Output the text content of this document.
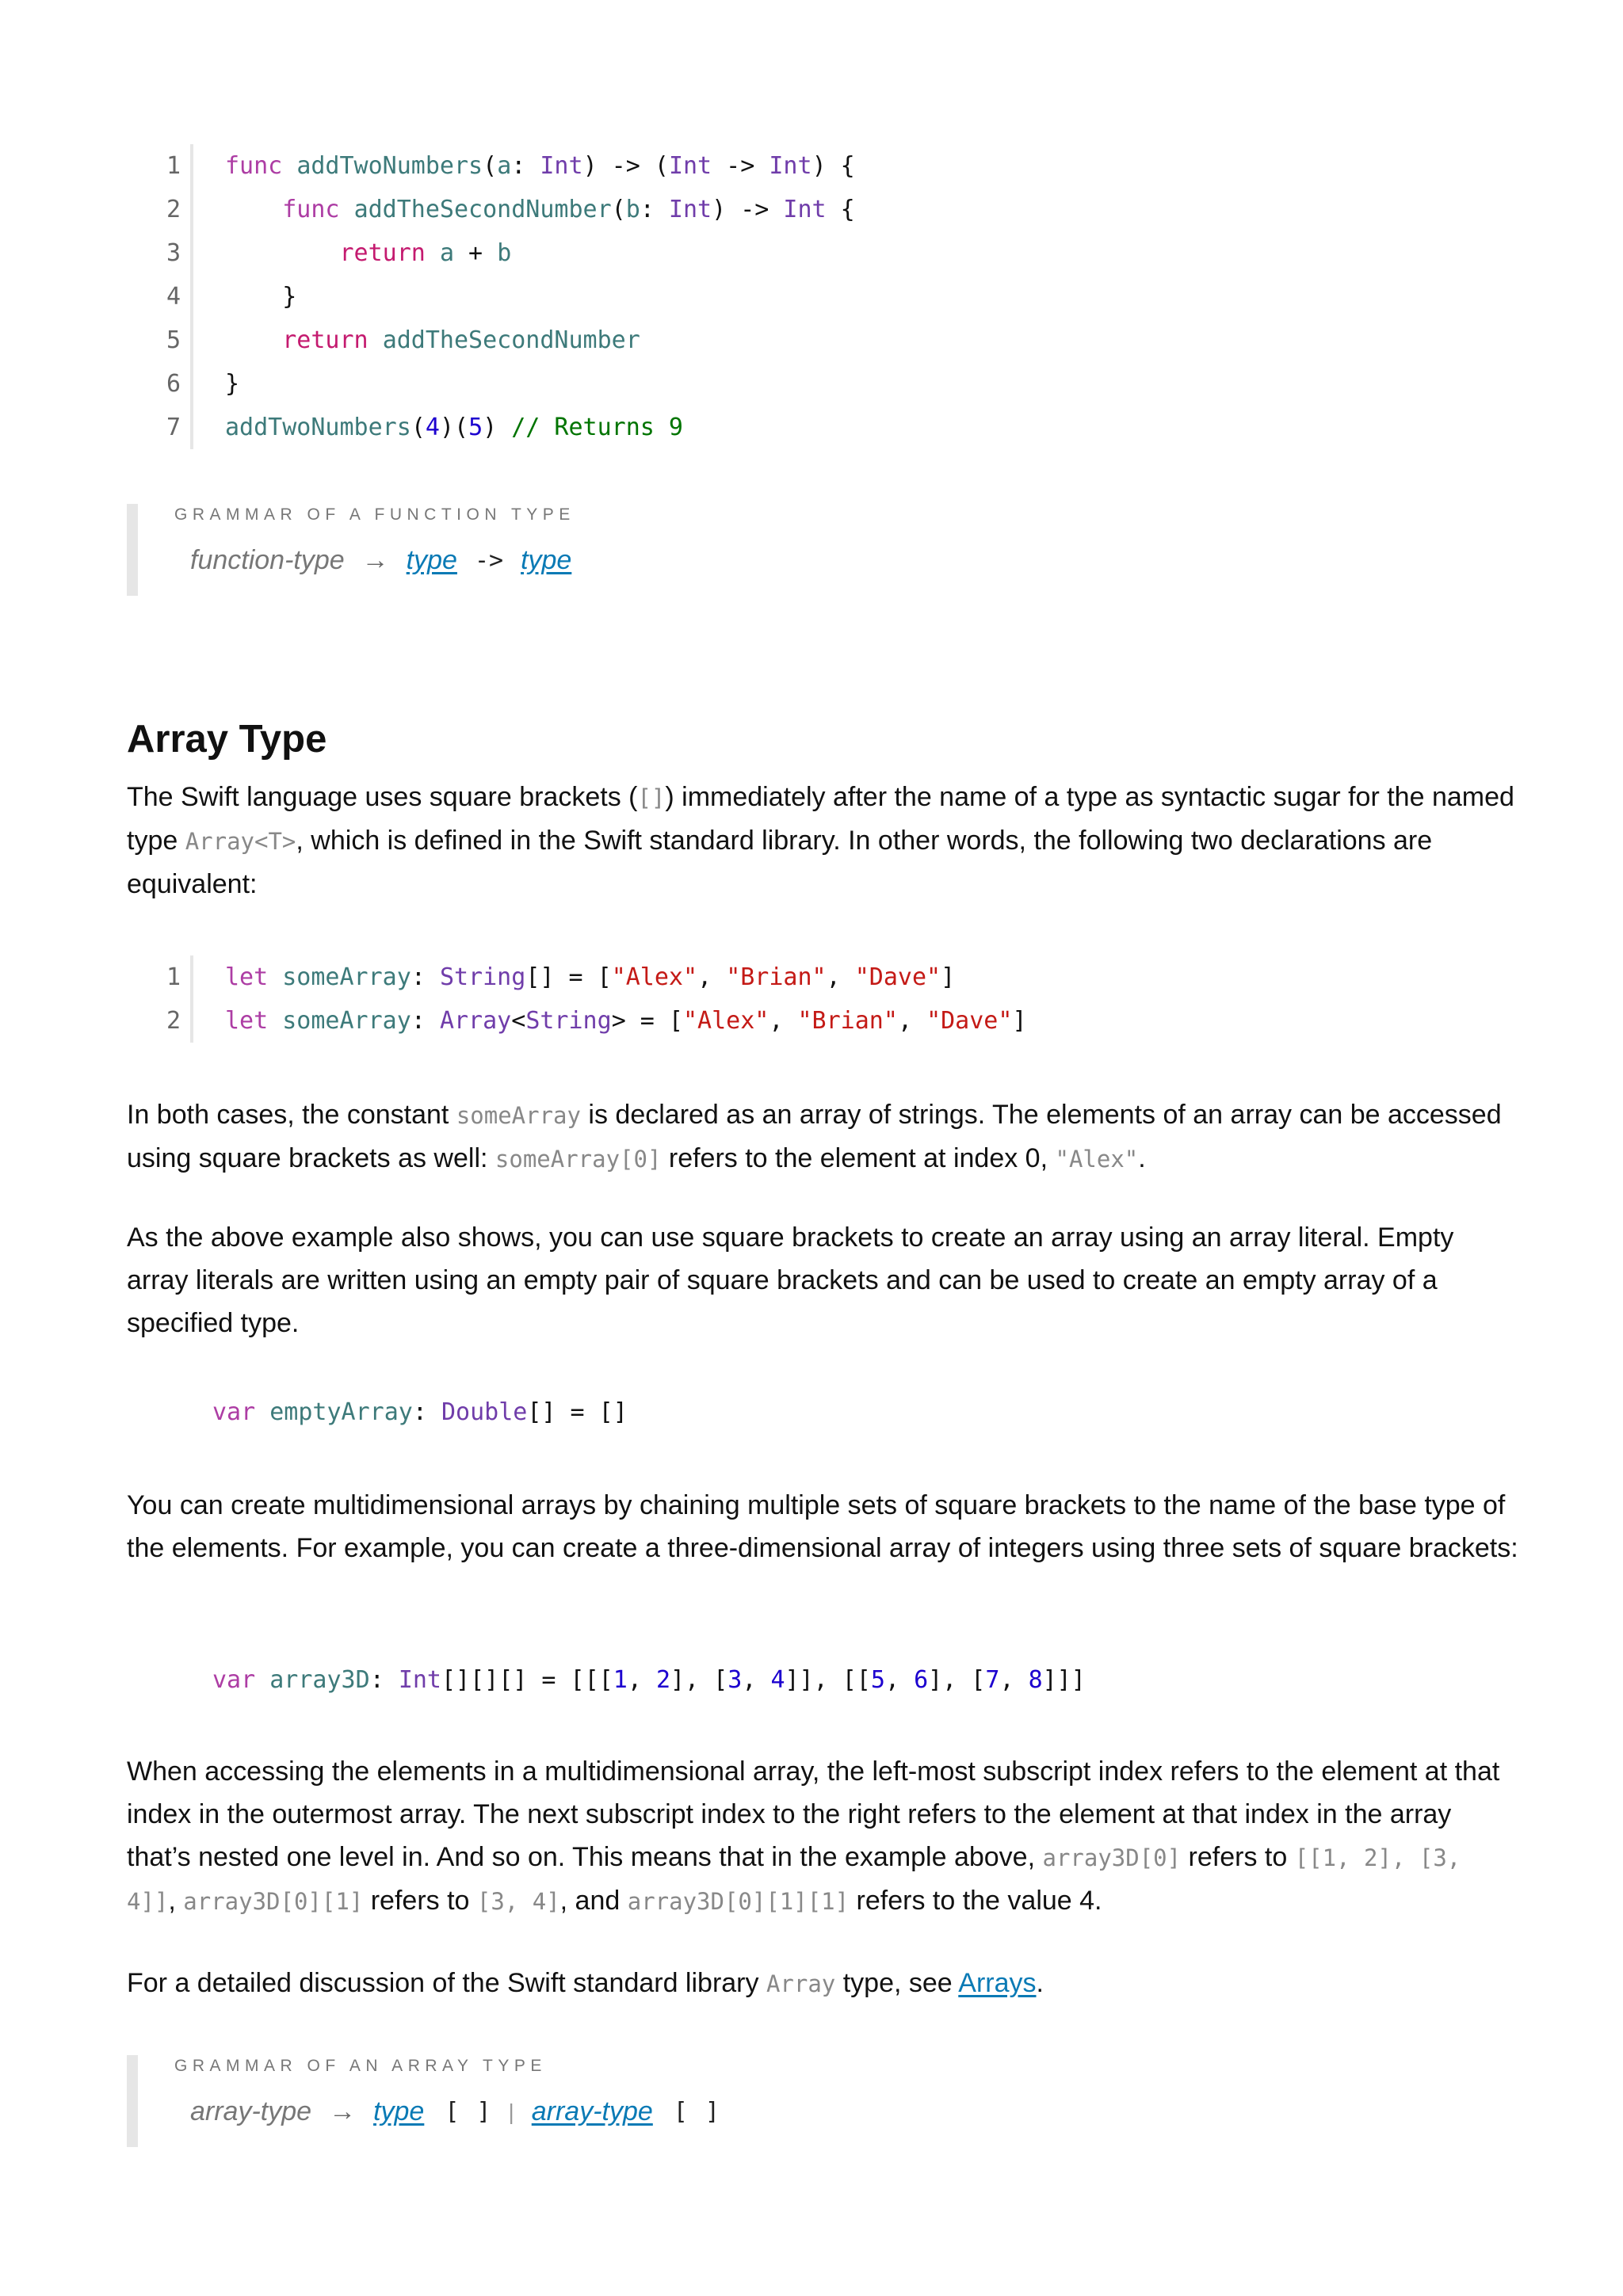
1	func addTwoNumbers(a: Int) -> (Int -> Int) {
2	func addTheSecondNumber(b: Int) -> Int {
3	return a + b
4	}
5	return addTheSecondNumber
6	}
7	addTwoNumbers(4)(5) // Returns 9
GRAMMAR OF A FUNCTION TYPE
function-type → type -> type
Array Type
The Swift language uses square brackets ([]) immediately after the name of a type as syntactic sugar for the named type Array<T>, which is defined in the Swift standard library. In other words, the following two declarations are equivalent:
1	let someArray: String[] = ["Alex", "Brian", "Dave"]
2	let someArray: Array<String> = ["Alex", "Brian", "Dave"]
In both cases, the constant someArray is declared as an array of strings. The elements of an array can be accessed using square brackets as well: someArray[0] refers to the element at index 0, "Alex".
As the above example also shows, you can use square brackets to create an array using an array literal. Empty array literals are written using an empty pair of square brackets and can be used to create an empty array of a specified type.
var emptyArray: Double[] = []
You can create multidimensional arrays by chaining multiple sets of square brackets to the name of the base type of the elements. For example, you can create a three-dimensional array of integers using three sets of square brackets:
var array3D: Int[][][] = [[[1, 2], [3, 4]], [[5, 6], [7, 8]]]
When accessing the elements in a multidimensional array, the left-most subscript index refers to the element at that index in the outermost array. The next subscript index to the right refers to the element at that index in the array that’s nested one level in. And so on. This means that in the example above, array3D[0] refers to [[1, 2], [3, 4]], array3D[0][1] refers to [3, 4], and array3D[0][1][1] refers to the value 4.
For a detailed discussion of the Swift standard library Array type, see Arrays.
GRAMMAR OF AN ARRAY TYPE
array-type → type [ ] | array-type [ ]
